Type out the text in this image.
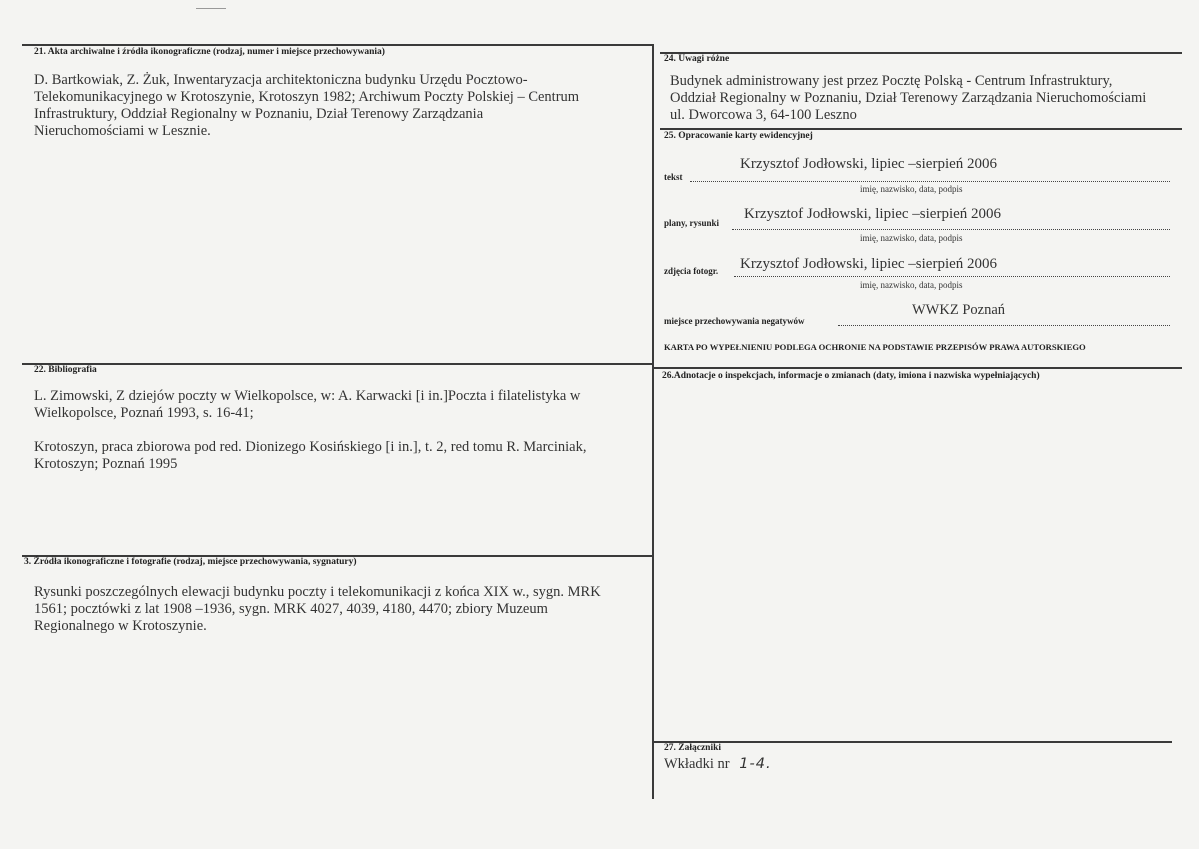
21. Akta archiwalne i źródła ikonograficzne (rodzaj, numer i miejsce przechowywania)
D. Bartkowiak, Z. Żuk, Inwentaryzacja architektoniczna budynku Urzędu Pocztowo-
Telekomunikacyjnego w Krotoszynie, Krotoszyn 1982; Archiwum Poczty Polskiej – Centrum
Infrastruktury, Oddział Regionalny w Poznaniu, Dział Terenowy Zarządzania
Nieruchomościami w Lesznie.
22. Bibliografia
L. Zimowski, Z dziejów poczty w Wielkopolsce, w: A. Karwacki [i in.]Poczta i filatelistyka w
Wielkopolsce, Poznań 1993, s. 16-41;
Krotoszyn, praca zbiorowa pod red. Dionizego Kosińskiego [i in.], t. 2, red tomu R. Marciniak,
Krotoszyn; Poznań 1995
3. Źródła ikonograficzne i fotografie (rodzaj, miejsce przechowywania, sygnatury)
Rysunki poszczególnych elewacji budynku poczty i telekomunikacji z końca XIX w., sygn. MRK
1561; pocztówki z lat 1908 –1936, sygn. MRK 4027, 4039, 4180, 4470; zbiory Muzeum
Regionalnego w Krotoszynie.
24. Uwagi różne
Budynek administrowany jest przez Pocztę Polską - Centrum Infrastruktury,
Oddział Regionalny w Poznaniu, Dział Terenowy Zarządzania Nieruchomościami
ul. Dworcowa 3, 64-100 Leszno
25. Opracowanie karty ewidencyjnej
Krzysztof Jodłowski, lipiec –sierpień 2006
tekst
imię, nazwisko, data, podpis
Krzysztof Jodłowski, lipiec –sierpień 2006
plany, rysunki
imię, nazwisko, data, podpis
Krzysztof Jodłowski, lipiec –sierpień 2006
zdjęcia fotogr.
imię, nazwisko, data, podpis
WWKZ Poznań
miejsce przechowywania negatywów
KARTA PO WYPEŁNIENIU PODLEGA OCHRONIE NA PODSTAWIE PRZEPISÓW PRAWA AUTORSKIEGO
26.Adnotacje o inspekcjach, informacje o zmianach (daty, imiona i nazwiska wypełniających)
27. Załączniki
Wkładki nr 1-4.
